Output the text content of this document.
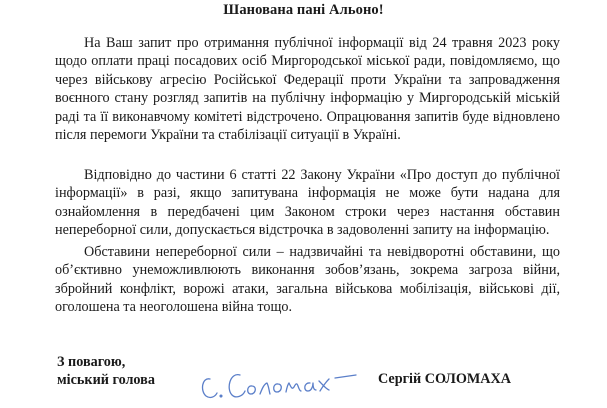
Шанована пані Альоно!

На Ваш запит про отримання публічної інформації від 24 травня 2023 року щодо оплати праці посадових осіб Миргородської міської ради, повідомляємо, що через військову агресію Російської Федерації проти України та запровадження воєнного стану розгляд запитів на публічну інформацію у Миргородській міській раді та її виконавчому комітеті відстрочено. Опрацювання запитів буде відновлено після перемоги України та стабілізації ситуації в Україні.

Відповідно до частини 6 статті 22 Закону України «Про доступ до публічної інформації» в разі, якщо запитувана інформація не може бути надана для ознайомлення в передбачені цим Законом строки через настання обставин непереборної сили, допускається відстрочка в задоволенні запиту на інформацію.

Обставини непереборної сили – надзвичайні та невідворотні обставини, що об’єктивно унеможливлюють виконання зобов’язань, зокрема загроза війни, збройний конфлікт, ворожі атаки, загальна військова мобілізація, військові дії, оголошена та неоголошена війна тощо.

З повагою,
міський голова	Сергій СОЛОМАХА
